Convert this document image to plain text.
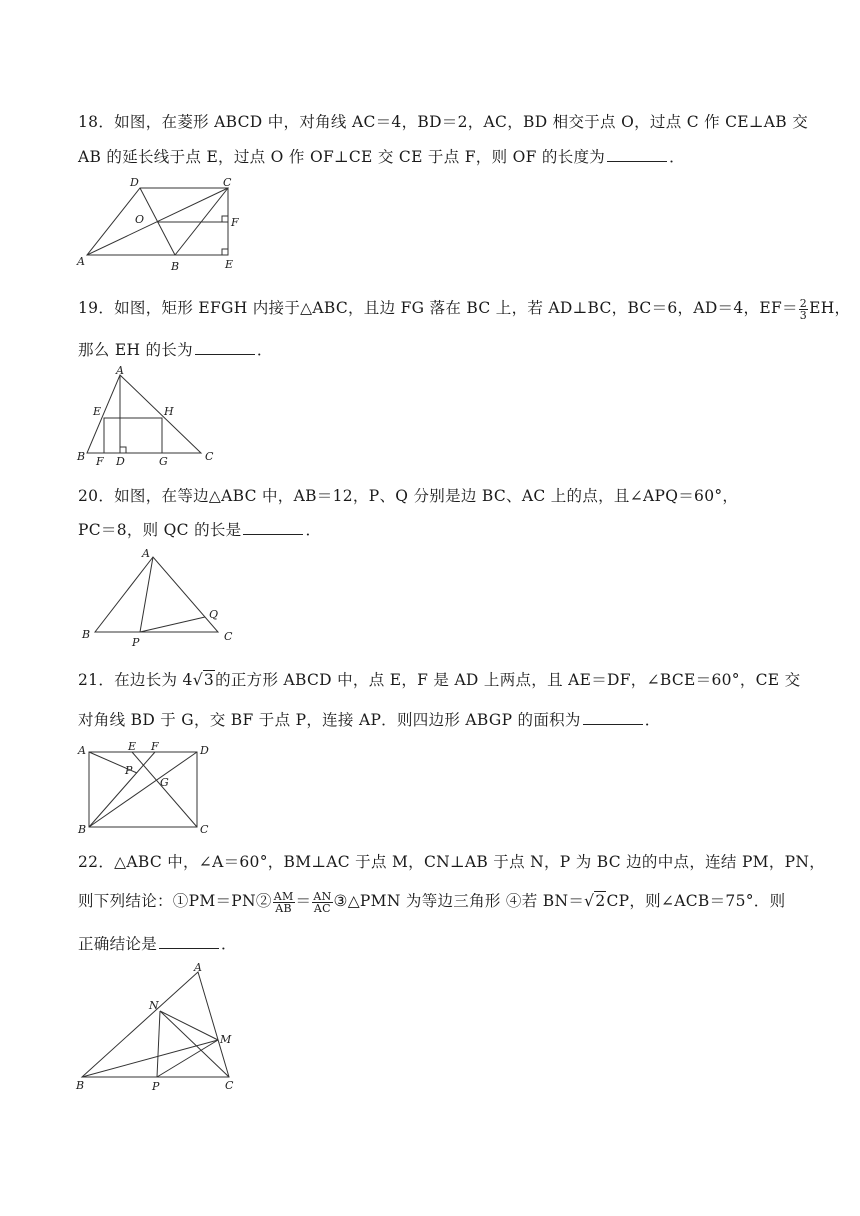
18．如图，在菱形 ABCD 中，对角线 AC＝4，BD＝2，AC，BD 相交于点 O，过点 C 作 CE⊥AB 交
AB 的延长线于点 E，过点 O 作 OF⊥CE 交 CE 于点 F，则 OF 的长度为	．
D	C
O	F
A	B	E
19．如图，矩形 EFGH 内接于△ABC，且边 FG 落在 BC 上，若 AD⊥BC，BC＝6，AD＝4，$EF= \frac{2}{3}$ EH，
那么 EH 的长为	．
A
E	H
B F D	G	C
20．如图，在等边△ABC 中，AB＝12，P、Q 分别是边 BC、AC 上的点，且∠APQ＝60°，
PC＝8，则 QC 的长是	．
A
Q
B
P	C
21．在边长为 4√3的正方形 ABCD 中，点 E，F 是 AD 上两点，且 AE＝DF，∠BCE＝60°，CE 交
对角线 BD 于 G，交 BF 于点 P，连接 AP．则四边形 ABGP 的面积为	．
A	E F	D
P
G
B	C
22．△ABC 中，∠A＝60°，BM⊥AC 于点 M，CN⊥AB 于点 N，P 为 BC 边的中点，连结 PM，PN，
则下列结论：①PM＝PN② $\frac{AM}{AB} = \frac{AN}{AC}$ ③△PMN 为等边三角形 ④若 BN＝√2CP，则∠ACB＝75°．则
正确结论是	．
A
N
M
B	P	C
